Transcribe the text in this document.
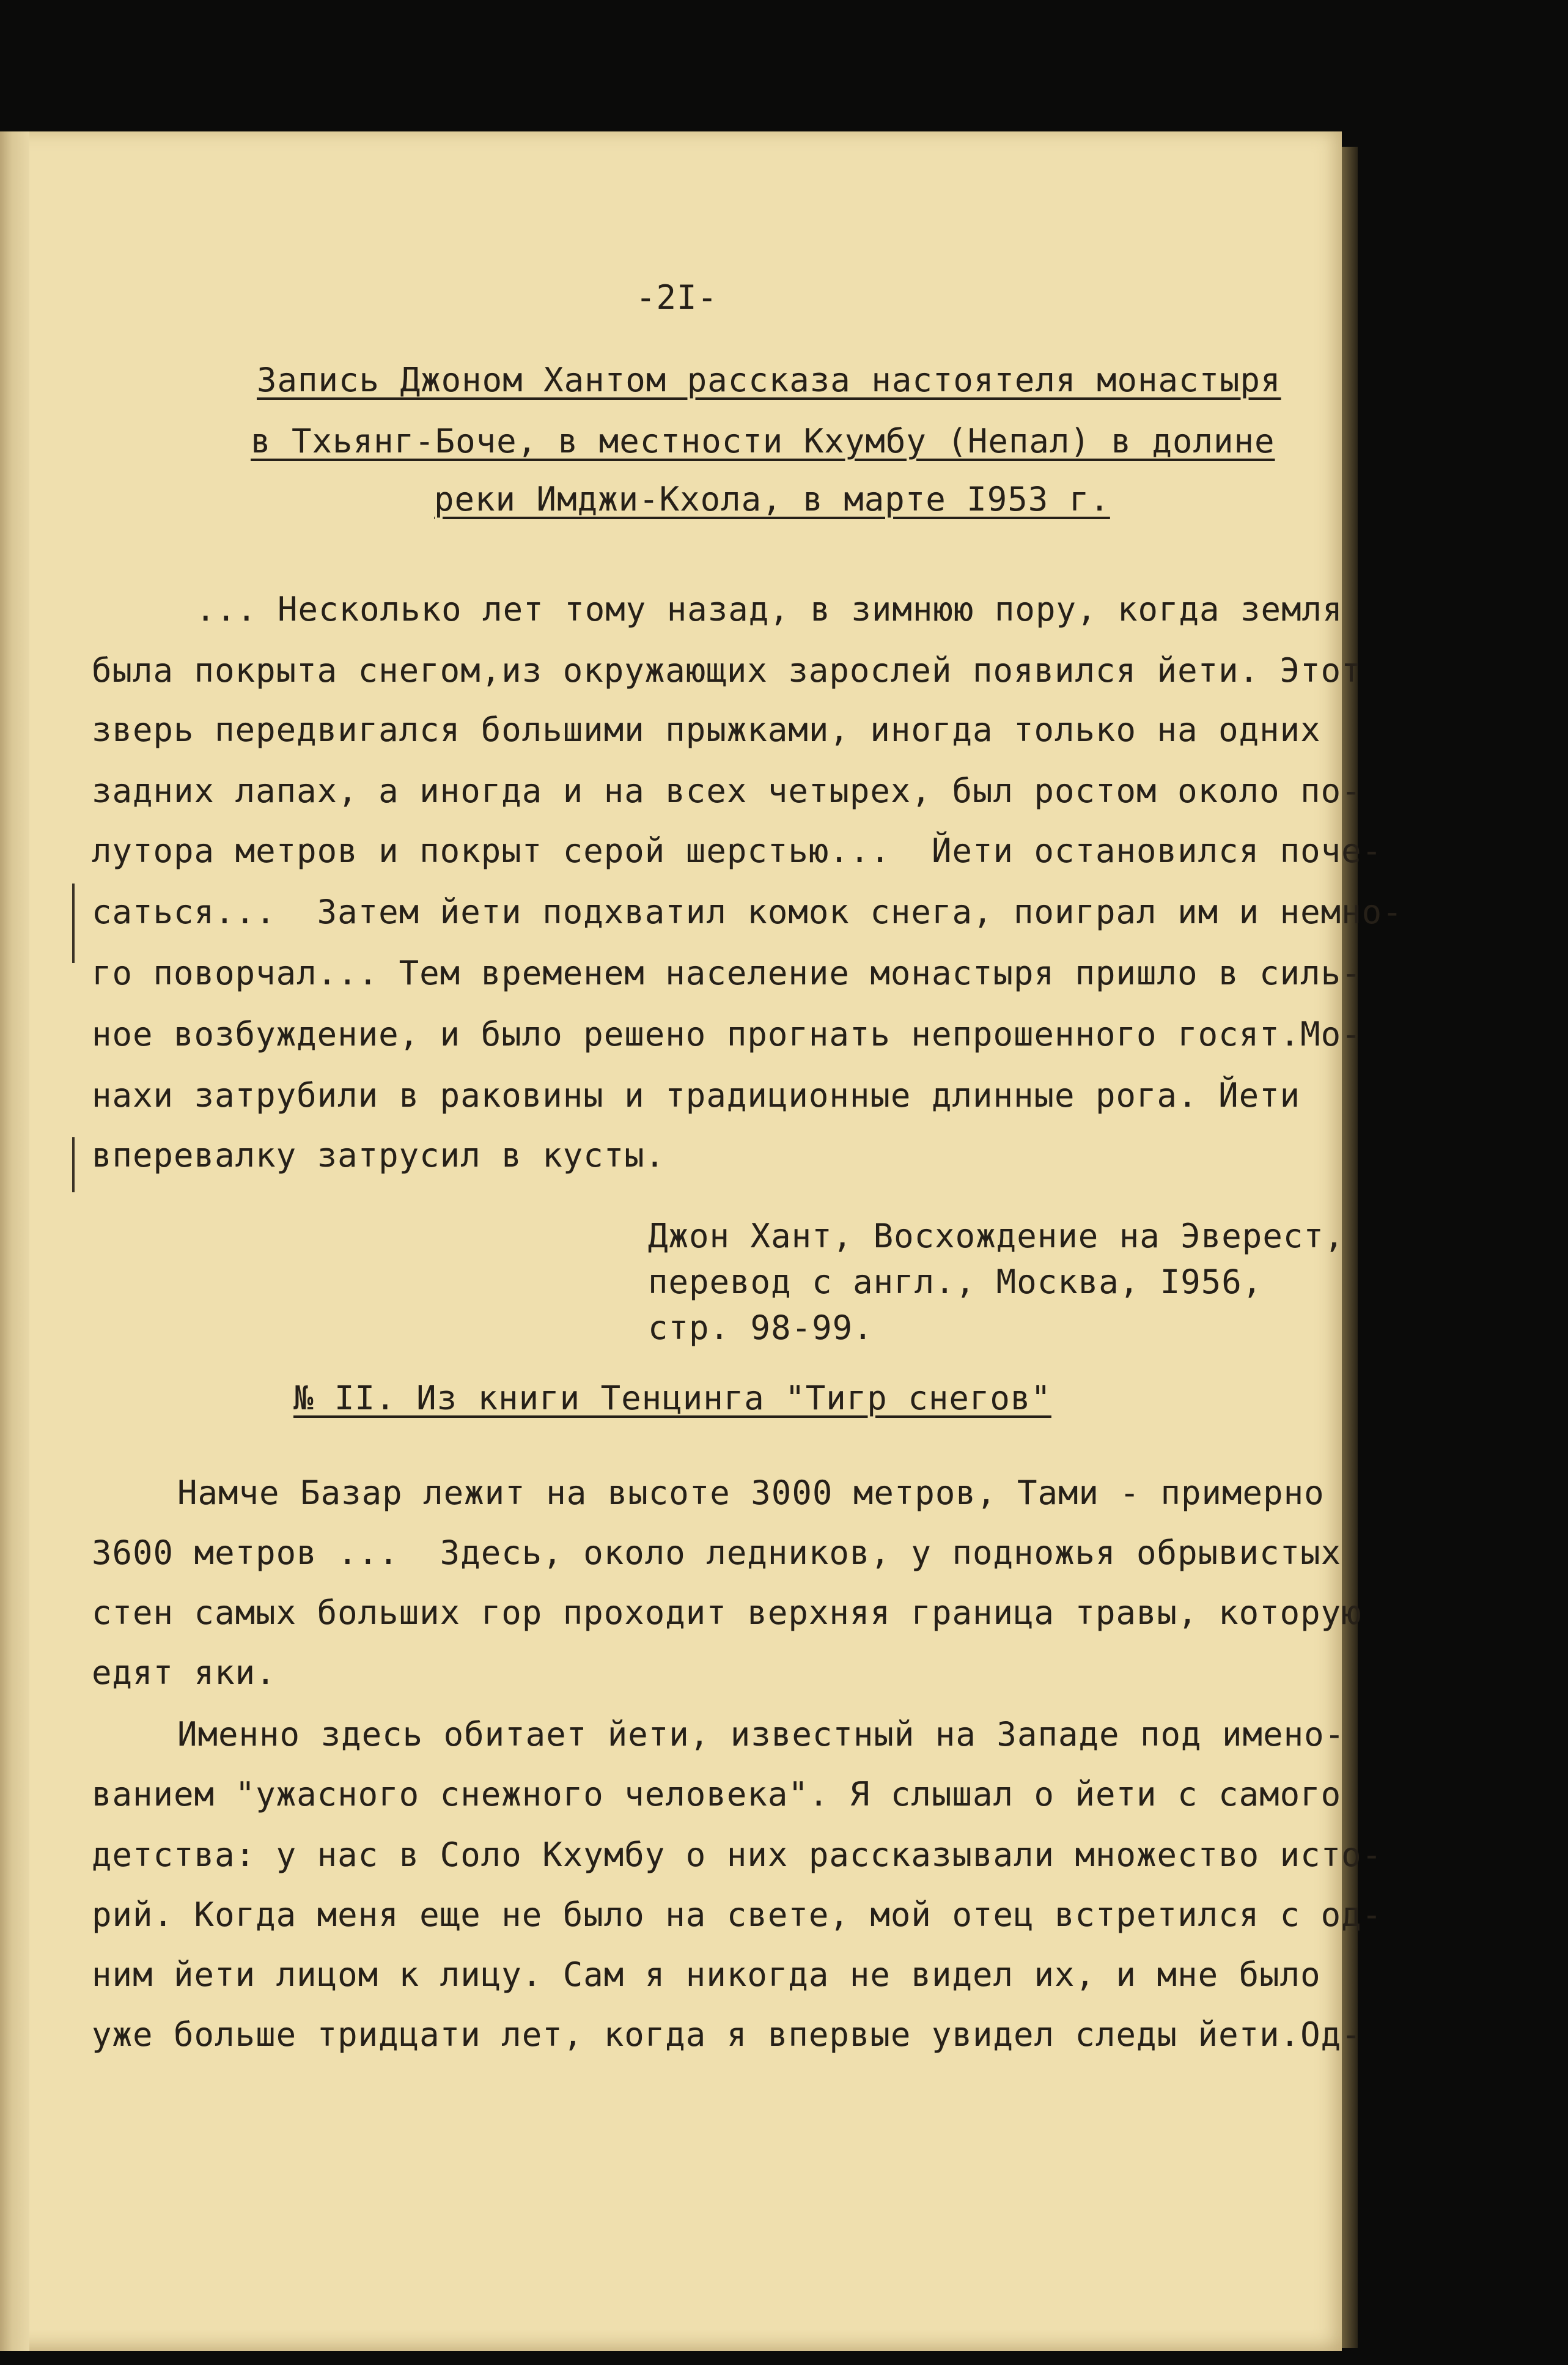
-2I-
Запись Джоном Хантом рассказа настоятеля монастыря
в Тхьянг-Боче, в местности Кхумбу (Непал) в долине
реки Имджи-Кхола, в марте I953 г.
... Несколько лет тому назад, в зимнюю пору, когда земля
была покрыта снегом,из окружающих зарослей появился йети. Этот
зверь передвигался большими прыжками, иногда только на одних
задних лапах, а иногда и на всех четырех, был ростом около по-
лутора метров и покрыт серой шерстью...  Йети остановился поче-
саться...  Затем йети подхватил комок снега, поиграл им и немно-
го поворчал... Тем временем население монастыря пришло в силь-
ное возбуждение, и было решено прогнать непрошенного госят.Мо-
нахи затрубили в раковины и традиционные длинные рога. Йети
вперевалку затрусил в кусты.
Джон Хант, Восхождение на Эверест,
перевод с англ., Москва, I956,
стр. 98-99.
№ II. Из книги Тенцинга "Тигр снегов"
Намче Базар лежит на высоте 3000 метров, Тами - примерно
3600 метров ...  Здесь, около ледников, у подножья обрывистых
стен самых больших гор проходит верхняя граница травы, которую
едят яки.
Именно здесь обитает йети, известный на Западе под имено-
ванием "ужасного снежного человека". Я слышал о йети с самого
детства: у нас в Соло Кхумбу о них рассказывали множество исто-
рий. Когда меня еще не было на свете, мой отец встретился с од-
ним йети лицом к лицу. Сам я никогда не видел их, и мне было
уже больше тридцати лет, когда я впервые увидел следы йети.Од-
